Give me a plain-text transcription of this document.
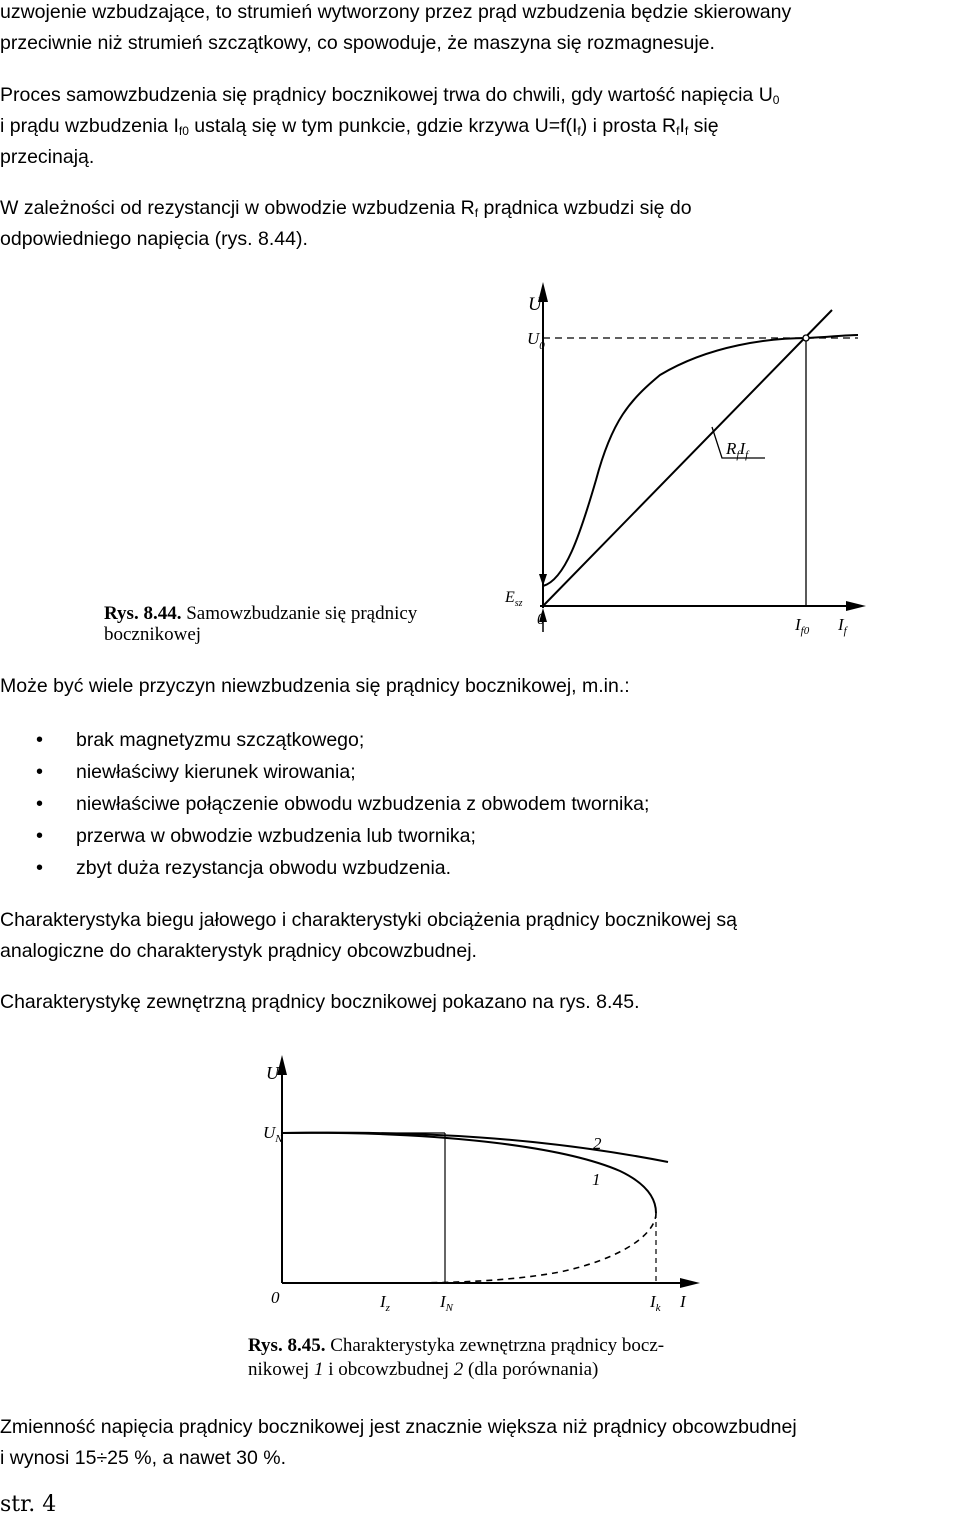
uzwojenie wzbudzające, to strumień wytworzony przez prąd wzbudzenia będzie skierowany

przeciwnie niż strumień szczątkowy, co spowoduje, że maszyna się rozmagnesuje.

Proces samowzbudzenia się prądnicy bocznikowej trwa do chwili, gdy wartość napięcia $U_0$

i prądu wzbudzenia $I_{f0}$ ustalą się w tym punkcie, gdzie krzywa $U=f(I_f)$ i prosta $R_fI_f$ się

przecinają.

W zależności od rezystancji w obwodzie wzbudzenia $R_f$ prądnica wzbudzi się do

odpowiedniego napięcia (rys. 8.44).

U
$U_0$
$E_{sz}$
0	$I_{f0}$ $I_f$
$R_fI_f$
Rys. 8.44. Samowzbudzanie się prądnicy
bocznikowej

Może być wiele przyczyn niewzbudzenia się prądnicy bocznikowej, m.in.:

• brak magnetyzmu szczątkowego;
• niewłaściwy kierunek wirowania;
• niewłaściwe połączenie obwodu wzbudzenia z obwodem twornika;
• przerwa w obwodzie wzbudzenia lub twornika;
• zbyt duża rezystancja obwodu wzbudzenia.

Charakterystyka biegu jałowego i charakterystyki obciążenia prądnicy bocznikowej są

analogiczne do charakterystyk prądnicy obcowzbudnej.

Charakterystykę zewnętrzną prądnicy bocznikowej pokazano na rys. 8.45.

U
$U_N$
0	$I_z$	$I_N$	$I_k$ I
1
2
Rys. 8.45. Charakterystyka zewnętrzna prądnicy bocz-
nikowej 1 i obcowzbudnej 2 (dla porównania)

Zmienność napięcia prądnicy bocznikowej jest znacznie większa niż prądnicy obcowzbudnej

i wynosi 15÷25 %, a nawet 30 %.

str. 4
